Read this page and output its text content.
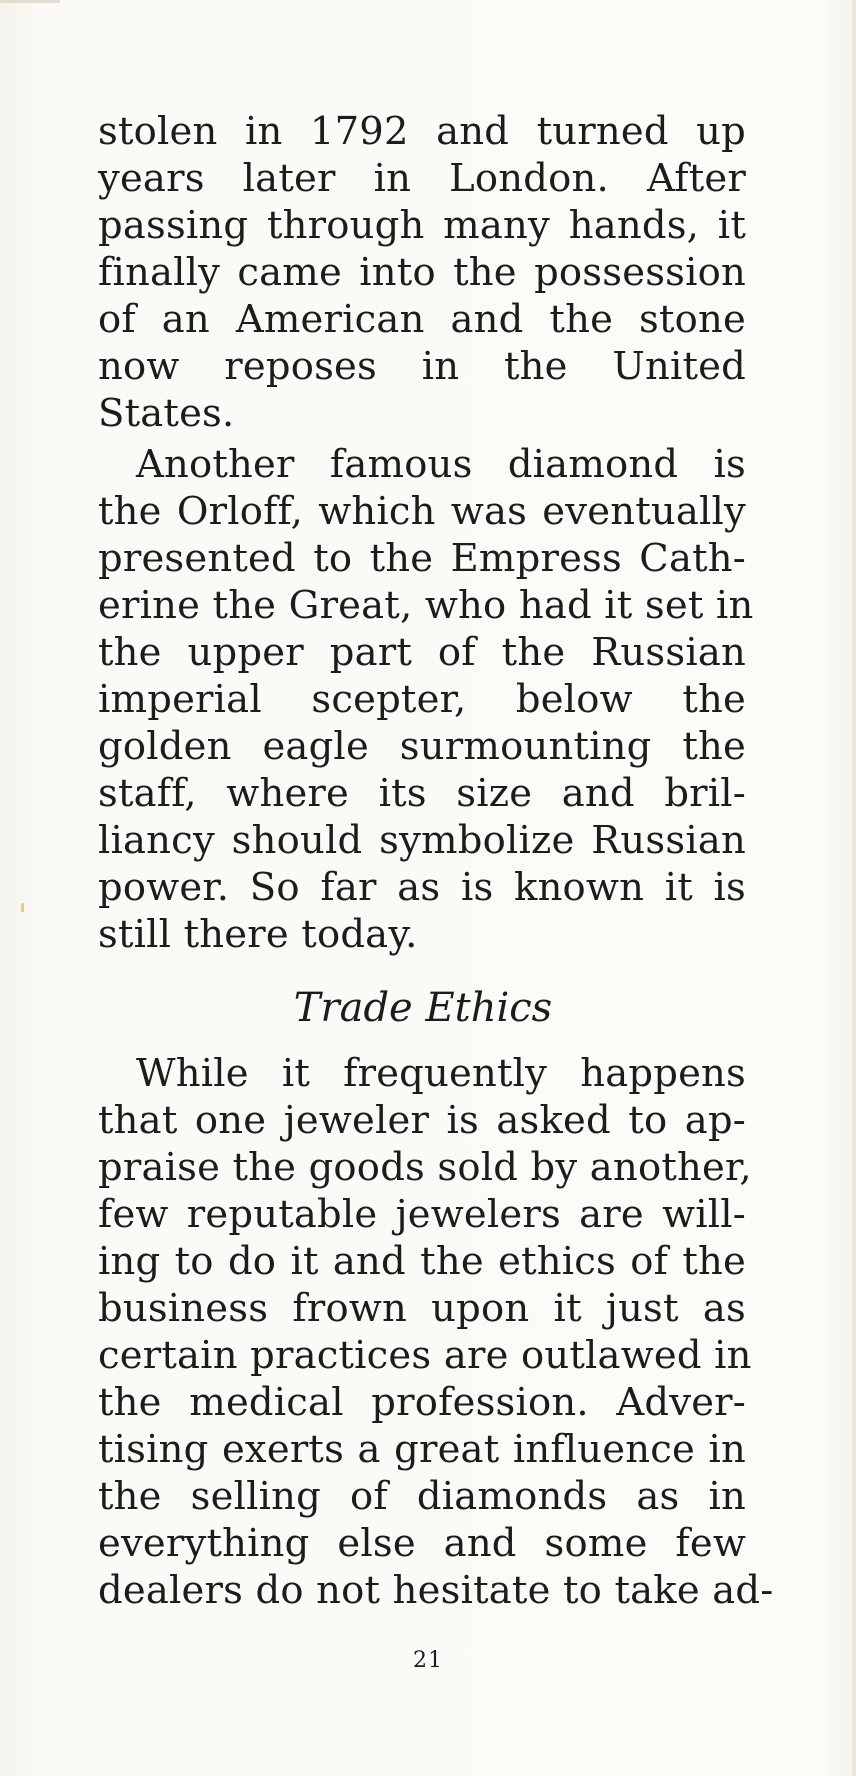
stolen in 1792 and turned up
years later in London. After
passing through many hands, it
finally came into the possession
of an American and the stone
now reposes in the United
States.
Another famous diamond is
the Orloff, which was eventually
presented to the Empress Cath-
erine the Great, who had it set in
the upper part of the Russian
imperial scepter, below the
golden eagle surmounting the
staff, where its size and bril-
liancy should symbolize Russian
power. So far as is known it is
still there today.
Trade Ethics
While it frequently happens
that one jeweler is asked to ap-
praise the goods sold by another,
few reputable jewelers are will-
ing to do it and the ethics of the
business frown upon it just as
certain practices are outlawed in
the medical profession. Adver-
tising exerts a great influence in
the selling of diamonds as in
everything else and some few
dealers do not hesitate to take ad-
21
